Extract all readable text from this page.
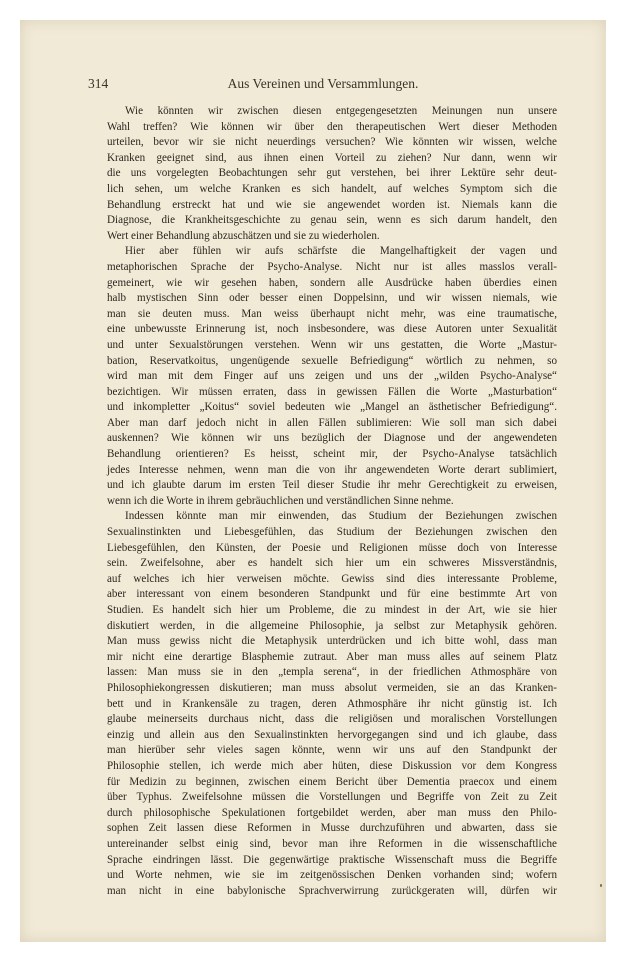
314	Aus Vereinen und Versammlungen.
Wie könnten wir zwischen diesen entgegengesetzten Meinungen nun unsere
Wahl treffen? Wie können wir über den therapeutischen Wert dieser Methoden
urteilen, bevor wir sie nicht neuerdings versuchen? Wie könnten wir wissen, welche
Kranken geeignet sind, aus ihnen einen Vorteil zu ziehen? Nur dann, wenn wir
die uns vorgelegten Beobachtungen sehr gut verstehen, bei ihrer Lektüre sehr deut-
lich sehen, um welche Kranken es sich handelt, auf welches Symptom sich die
Behandlung erstreckt hat und wie sie angewendet worden ist. Niemals kann die
Diagnose, die Krankheitsgeschichte zu genau sein, wenn es sich darum handelt, den
Wert einer Behandlung abzuschätzen und sie zu wiederholen.
Hier aber fühlen wir aufs schärfste die Mangelhaftigkeit der vagen und
metaphorischen Sprache der Psycho-Analyse. Nicht nur ist alles masslos verall-
gemeinert, wie wir gesehen haben, sondern alle Ausdrücke haben überdies einen
halb mystischen Sinn oder besser einen Doppelsinn, und wir wissen niemals, wie
man sie deuten muss. Man weiss überhaupt nicht mehr, was eine traumatische,
eine unbewusste Erinnerung ist, noch insbesondere, was diese Autoren unter Sexualität
und unter Sexualstörungen verstehen. Wenn wir uns gestatten, die Worte „Mastur-
bation, Reservatkoitus, ungenügende sexuelle Befriedigung“ wörtlich zu nehmen, so
wird man mit dem Finger auf uns zeigen und uns der „wilden Psycho-Analyse“
bezichtigen. Wir müssen erraten, dass in gewissen Fällen die Worte „Masturbation“
und inkompletter „Koitus“ soviel bedeuten wie „Mangel an ästhetischer Befriedigung“.
Aber man darf jedoch nicht in allen Fällen sublimieren: Wie soll man sich dabei
auskennen? Wie können wir uns bezüglich der Diagnose und der angewendeten
Behandlung orientieren? Es heisst, scheint mir, der Psycho-Analyse tatsächlich
jedes Interesse nehmen, wenn man die von ihr angewendeten Worte derart sublimiert,
und ich glaubte darum im ersten Teil dieser Studie ihr mehr Gerechtigkeit zu erweisen,
wenn ich die Worte in ihrem gebräuchlichen und verständlichen Sinne nehme.
Indessen könnte man mir einwenden, das Studium der Beziehungen zwischen
Sexualinstinkten und Liebesgefühlen, das Studium der Beziehungen zwischen den
Liebesgefühlen, den Künsten, der Poesie und Religionen müsse doch von Interesse
sein. Zweifelsohne, aber es handelt sich hier um ein schweres Missverständnis,
auf welches ich hier verweisen möchte. Gewiss sind dies interessante Probleme,
aber interessant von einem besonderen Standpunkt und für eine bestimmte Art von
Studien. Es handelt sich hier um Probleme, die zu mindest in der Art, wie sie hier
diskutiert werden, in die allgemeine Philosophie, ja selbst zur Metaphysik gehören.
Man muss gewiss nicht die Metaphysik unterdrücken und ich bitte wohl, dass man
mir nicht eine derartige Blasphemie zutraut. Aber man muss alles auf seinem Platz
lassen: Man muss sie in den „templa serena“, in der friedlichen Athmosphäre von
Philosophiekongressen diskutieren; man muss absolut vermeiden, sie an das Kranken-
bett und in Krankensäle zu tragen, deren Athmosphäre ihr nicht günstig ist. Ich
glaube meinerseits durchaus nicht, dass die religiösen und moralischen Vorstellungen
einzig und allein aus den Sexualinstinkten hervorgegangen sind und ich glaube, dass
man hierüber sehr vieles sagen könnte, wenn wir uns auf den Standpunkt der
Philosophie stellen, ich werde mich aber hüten, diese Diskussion vor dem Kongress
für Medizin zu beginnen, zwischen einem Bericht über Dementia praecox und einem
über Typhus. Zweifelsohne müssen die Vorstellungen und Begriffe von Zeit zu Zeit
durch philosophische Spekulationen fortgebildet werden, aber man muss den Philo-
sophen Zeit lassen diese Reformen in Musse durchzuführen und abwarten, dass sie
untereinander selbst einig sind, bevor man ihre Reformen in die wissenschaftliche
Sprache eindringen lässt. Die gegenwärtige praktische Wissenschaft muss die Begriffe
und Worte nehmen, wie sie im zeitgenössischen Denken vorhanden sind; wofern
man nicht in eine babylonische Sprachverwirrung zurückgeraten will, dürfen wir
